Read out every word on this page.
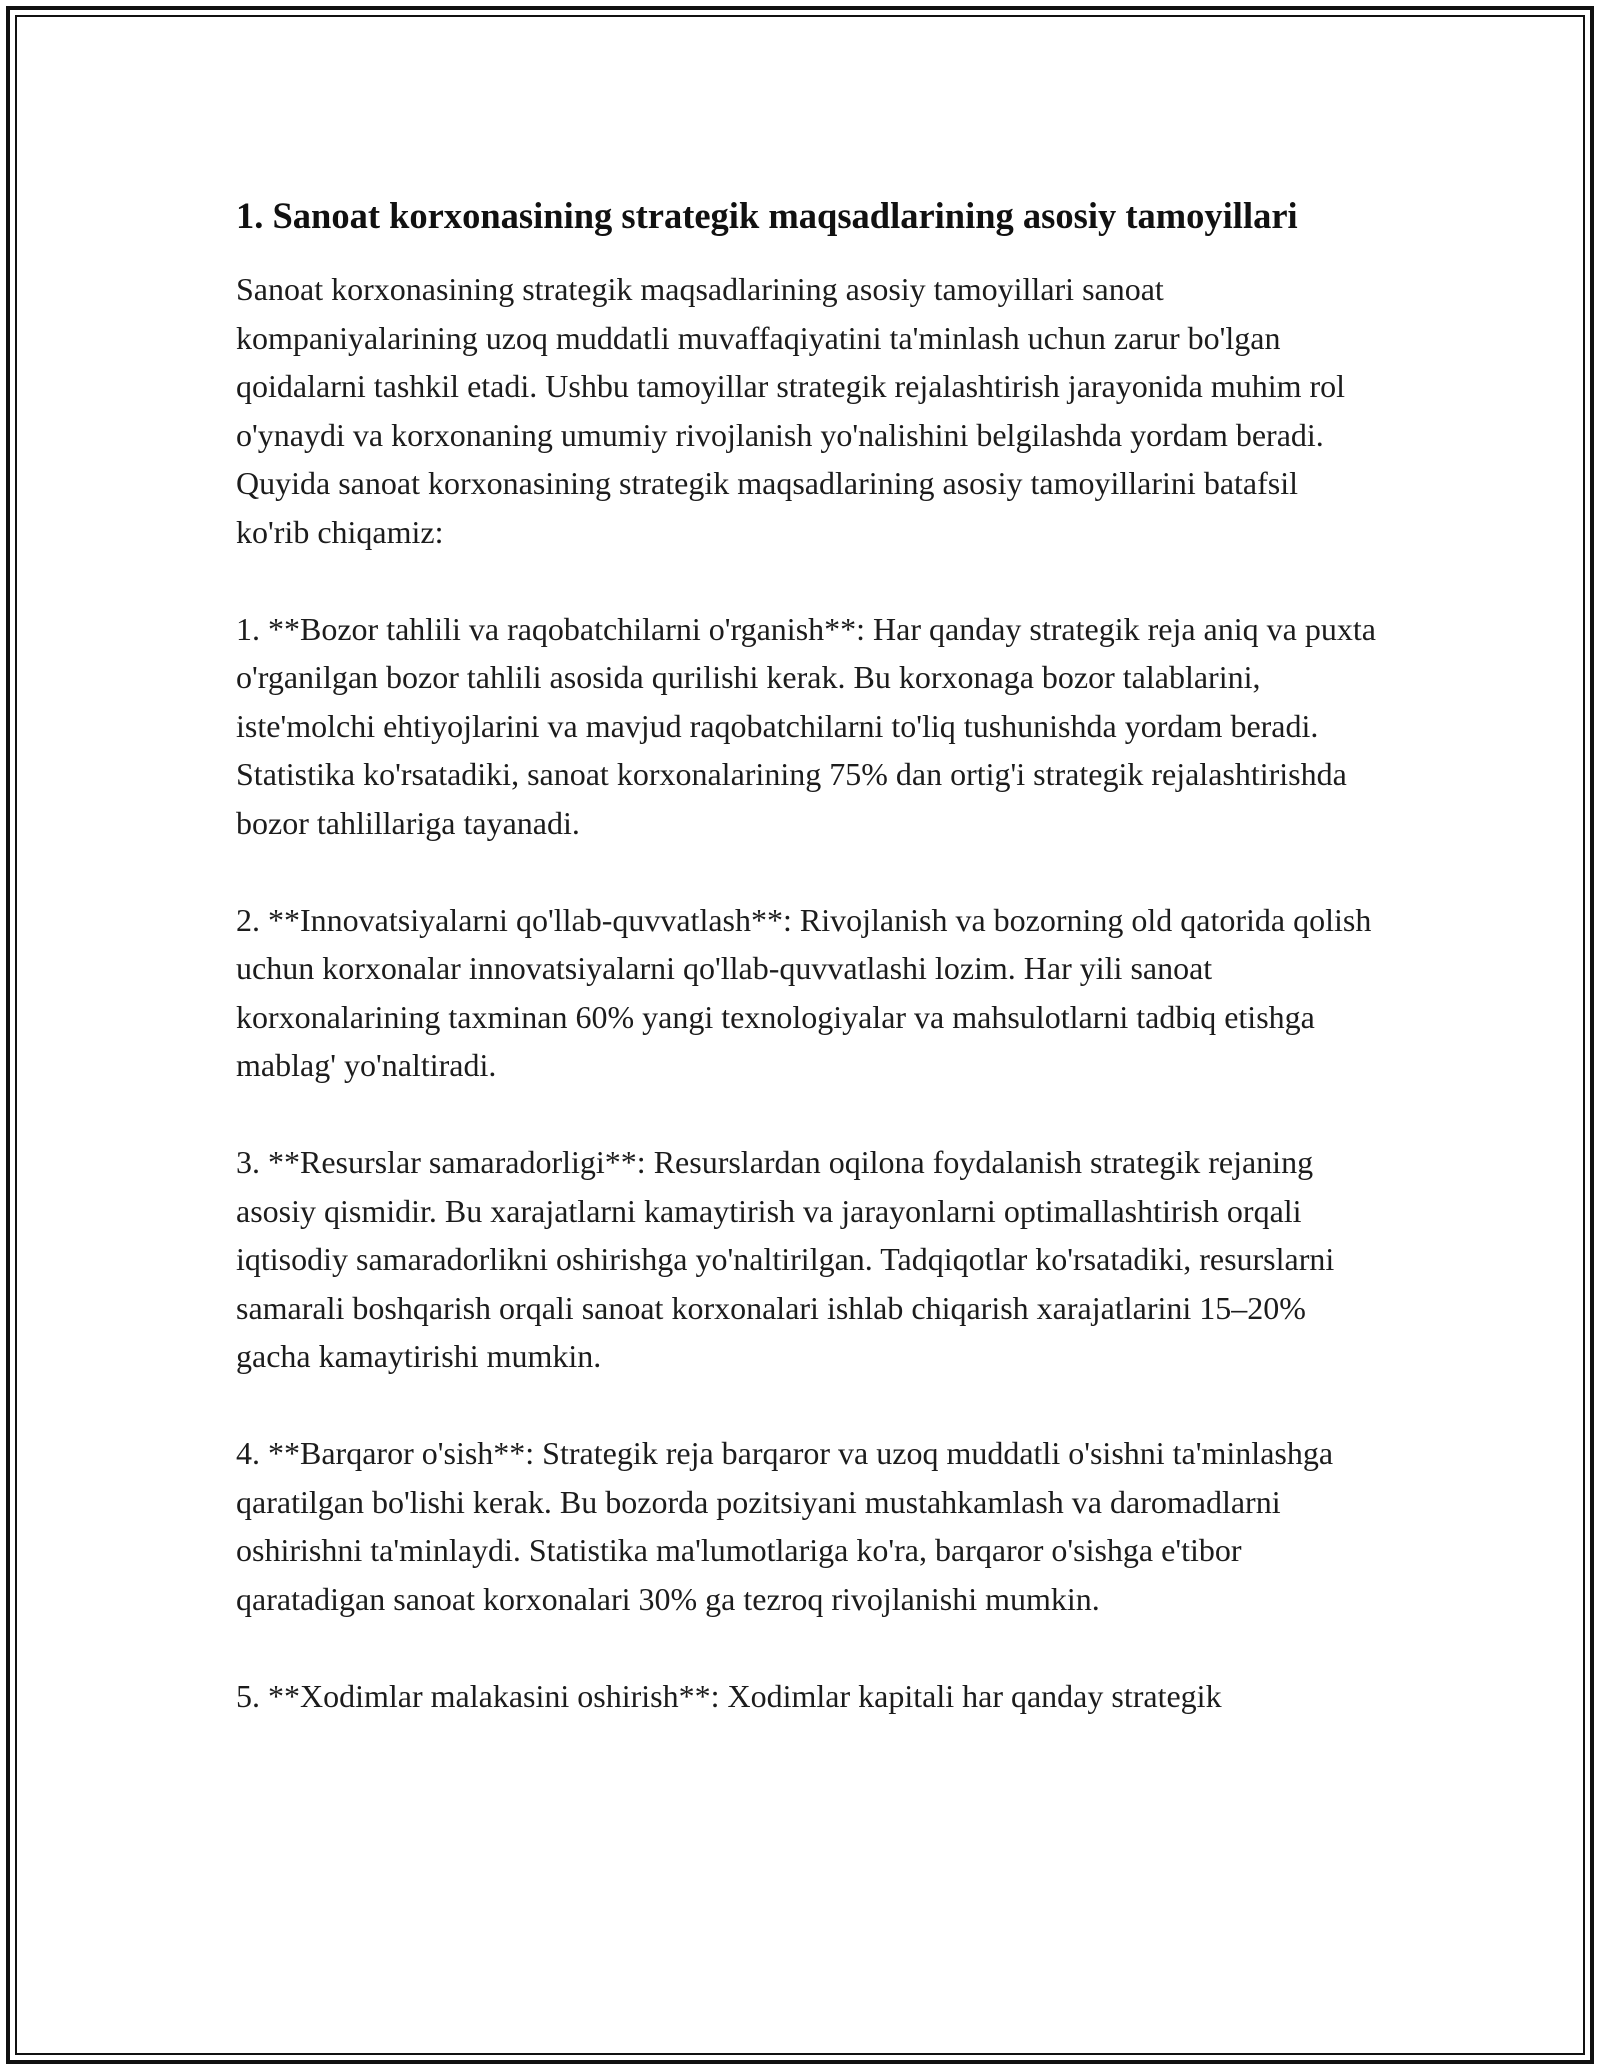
1. Sanoat korxonasining strategik maqsadlarining asosiy tamoyillari

Sanoat korxonasining strategik maqsadlarining asosiy tamoyillari sanoat kompaniyalarining uzoq muddatli muvaffaqiyatini ta'minlash uchun zarur bo'lgan qoidalarni tashkil etadi. Ushbu tamoyillar strategik rejalashtirish jarayonida muhim rol o'ynaydi va korxonaning umumiy rivojlanish yo'nalishini belgilashda yordam beradi. Quyida sanoat korxonasining strategik maqsadlarining asosiy tamoyillarini batafsil ko'rib chiqamiz:

1. **Bozor tahlili va raqobatchilarni o'rganish**: Har qanday strategik reja aniq va puxta o'rganilgan bozor tahlili asosida qurilishi kerak. Bu korxonaga bozor talablarini, iste'molchi ehtiyojlarini va mavjud raqobatchilarni to'liq tushunishda yordam beradi. Statistika ko'rsatadiki, sanoat korxonalarining 75% dan ortig'i strategik rejalashtirishda bozor tahlillariga tayanadi.

2. **Innovatsiyalarni qo'llab-quvvatlash**: Rivojlanish va bozorning old qatorida qolish uchun korxonalar innovatsiyalarni qo'llab-quvvatlashi lozim. Har yili sanoat korxonalarining taxminan 60% yangi texnologiyalar va mahsulotlarni tadbiq etishga mablag' yo'naltiradi.

3. **Resurslar samaradorligi**: Resurslardan oqilona foydalanish strategik rejaning asosiy qismidir. Bu xarajatlarni kamaytirish va jarayonlarni optimallashtirish orqali iqtisodiy samaradorlikni oshirishga yo'naltirilgan. Tadqiqotlar ko'rsatadiki, resurslarni samarali boshqarish orqali sanoat korxonalari ishlab chiqarish xarajatlarini 15–20% gacha kamaytirishi mumkin.

4. **Barqaror o'sish**: Strategik reja barqaror va uzoq muddatli o'sishni ta'minlashga qaratilgan bo'lishi kerak. Bu bozorda pozitsiyani mustahkamlash va daromadlarni oshirishni ta'minlaydi. Statistika ma'lumotlariga ko'ra, barqaror o'sishga e'tibor qaratadigan sanoat korxonalari 30% ga tezroq rivojlanishi mumkin.

5. **Xodimlar malakasini oshirish**: Xodimlar kapitali har qanday strategik
